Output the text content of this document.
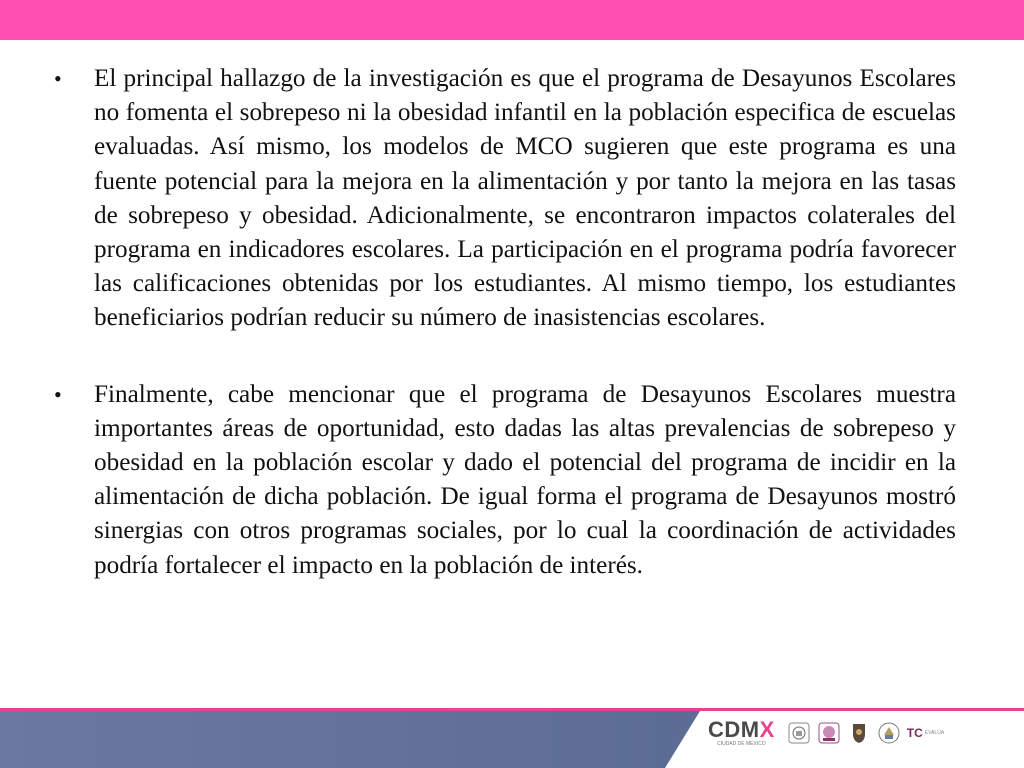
• El principal hallazgo de la investigación es que el programa de Desayunos Escolares no fomenta el sobrepeso ni la obesidad infantil en la población especifica de escuelas evaluadas. Así mismo, los modelos de MCO sugieren que este programa es una fuente potencial para la mejora en la alimentación y por tanto la mejora en las tasas de sobrepeso y obesidad. Adicionalmente, se encontraron impactos colaterales del programa en indicadores escolares. La participación en el programa podría favorecer las calificaciones obtenidas por los estudiantes. Al mismo tiempo, los estudiantes beneficiarios podrían reducir su número de inasistencias escolares.
• Finalmente, cabe mencionar que el programa de Desayunos Escolares muestra importantes áreas de oportunidad, esto dadas las altas prevalencias de sobrepeso y obesidad en la población escolar y dado el potencial del programa de incidir en la alimentación de dicha población. De igual forma el programa de Desayunos mostró sinergias con otros programas sociales, por lo cual la coordinación de actividades podría fortalecer el impacto en la población de interés.
CDMX
CIUDAD DE MÉXICO
TC EVALÚA
